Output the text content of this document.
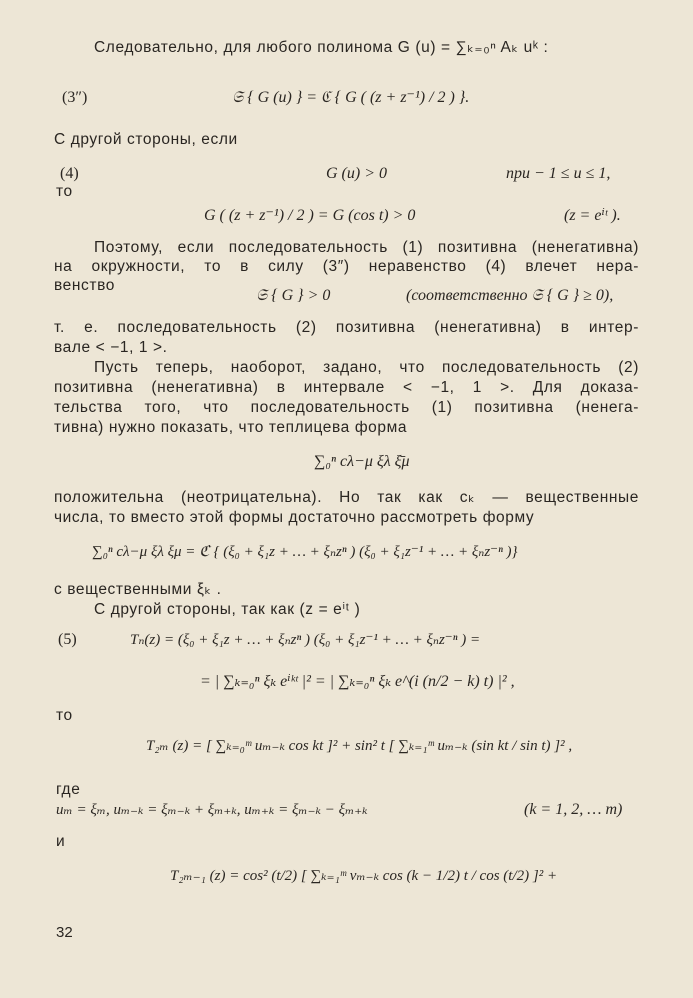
Следовательно, для любого полинома G (u) = ∑ₖ₌₀ⁿ Aₖ uᵏ :
(3″)	𝔖 { G (u) } = ℭ { G ( (z + z⁻¹) / 2 ) }.
С другой стороны, если
(4)	G (u) > 0	при − 1 ≤ u ≤ 1,
то
G ( (z + z⁻¹) / 2 ) = G (cos t) > 0	(z = eⁱᵗ ).
Поэтому, если последовательность (1) позитивна (ненегативна)
на окружности, то в силу (3″) неравенство (4) влечет нера-
венство
𝔖 { G } > 0	(соответственно 𝔖 { G } ≥ 0),
т. е. последовательность (2) позитивна (ненегативна) в интер-
вале < −1, 1 >.
Пусть теперь, наоборот, задано, что последовательность (2)
позитивна (ненегативна) в интервале < −1, 1 >. Для доказа-
тельства того, что последовательность (1) позитивна (ненега-
тивна) нужно показать, что теплицева форма
∑₀ⁿ cλ−μ ξλ ξ̄μ
положительна (неотрицательна). Но так как cₖ — вещественные
числа, то вместо этой формы достаточно рассмотреть форму
∑₀ⁿ cλ−μ ξλ ξμ = ℭ { (ξ₀ + ξ₁z + … + ξₙzⁿ ) (ξ₀ + ξ₁z⁻¹ + … + ξₙz⁻ⁿ )}
с вещественными ξₖ .
С другой стороны, так как (z = eⁱᵗ )
(5)	Tₙ(z) = (ξ₀ + ξ₁z + … + ξₙzⁿ ) (ξ₀ + ξ₁z⁻¹ + … + ξₙz⁻ⁿ ) =
= | ∑ₖ₌₀ⁿ ξₖ eⁱᵏᵗ |² = | ∑ₖ₌₀ⁿ ξₖ e^(i (n/2 − k) t) |² ,
то
T₂ₘ (z) = [ ∑ₖ₌₀ᵐ uₘ₋ₖ cos kt ]² + sin² t [ ∑ₖ₌₁ᵐ uₘ₋ₖ (sin kt / sin t) ]² ,
где
uₘ = ξₘ, uₘ₋ₖ = ξₘ₋ₖ + ξₘ₊ₖ, uₘ₊ₖ = ξₘ₋ₖ − ξₘ₊ₖ	(k = 1, 2, … m)
и
T₂ₘ₋₁ (z) = cos² (t/2) [ ∑ₖ₌₁ᵐ vₘ₋ₖ cos (k − 1/2) t / cos (t/2) ]² +
32
